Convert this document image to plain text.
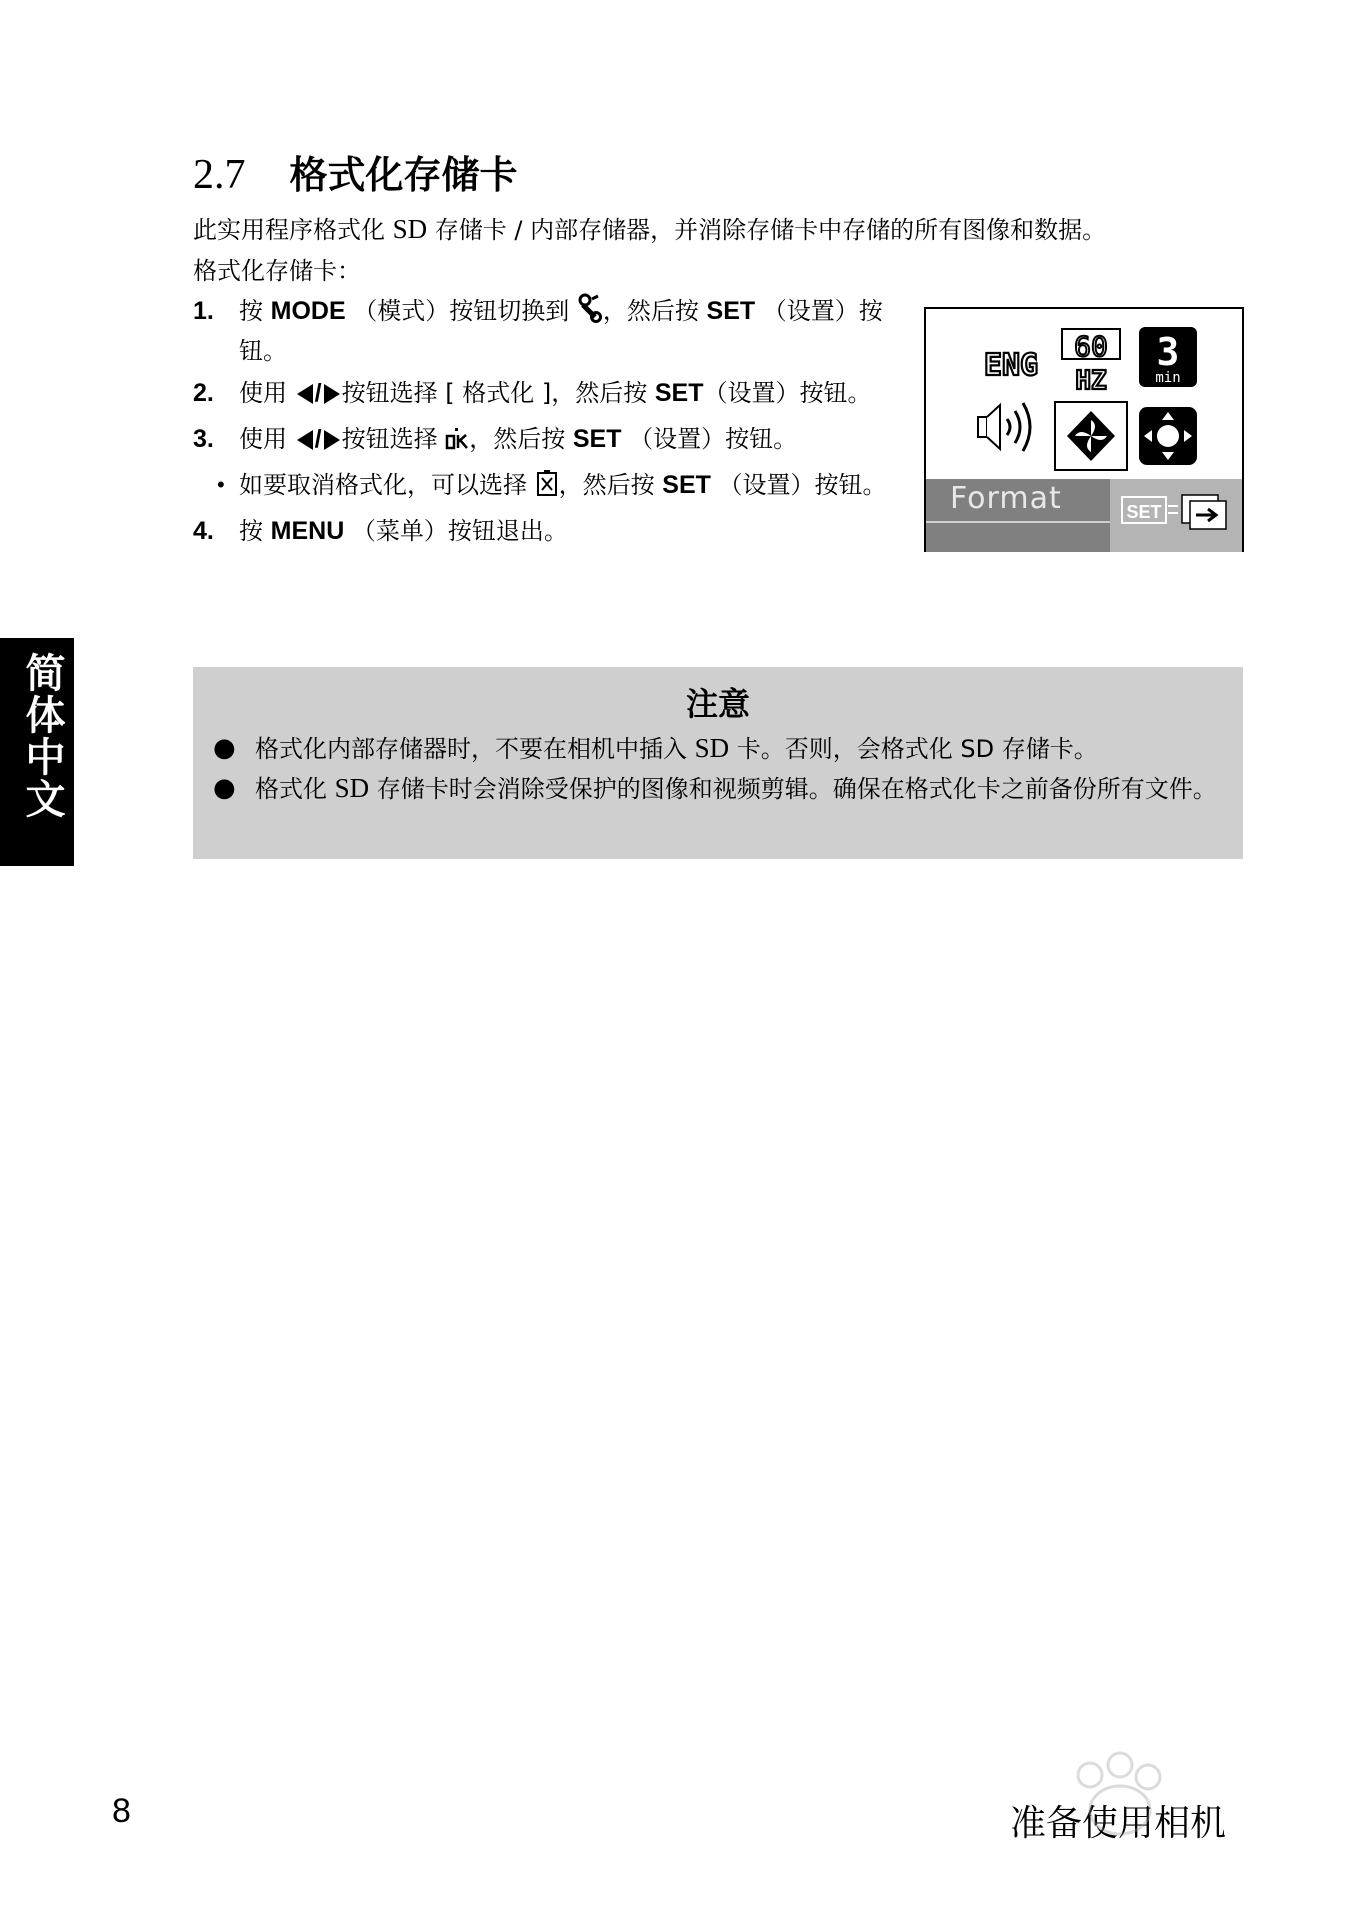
2.7 格式化存储卡
此实用程序格式化 SD 存储卡 / 内部存储器，并消除存储卡中存储的所有图像和数据。
格式化存储卡：
1. 按 MODE （模式）按钮切换到 ，然后按 SET （设置）按钮。
2. 使用 / 按钮选择 [ 格式化 ]，然后按 SET（设置）按钮。
3. 使用 / 按钮选择 ，然后按 SET （设置）按钮。
• 如要取消格式化，可以选择 ，然后按 SET （设置）按钮。
4. 按 MENU （菜单）按钮退出。
ENG
60
HZ
3
min
Format	SET
注意
● 格式化内部存储器时，不要在相机中插入 SD 卡。否则，会格式化 SD 存储卡。
● 格式化 SD 存储卡时会消除受保护的图像和视频剪辑。确保在格式化卡之前备份所有文件。
简体中文
8	准备使用相机
